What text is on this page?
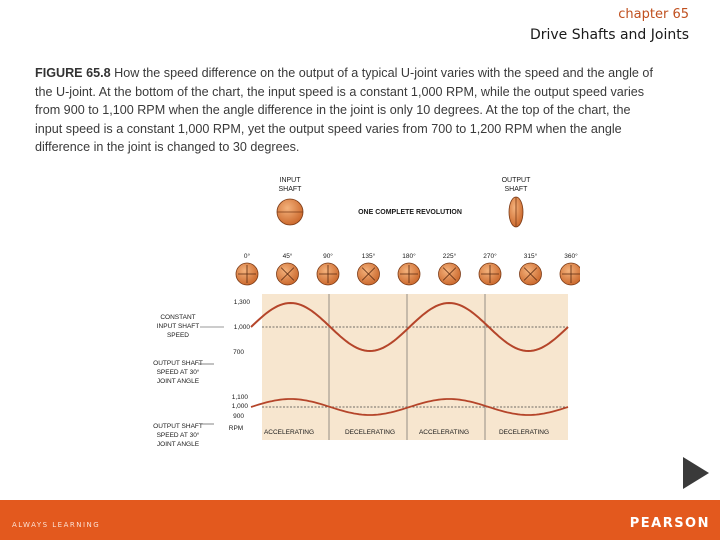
chapter 65
Drive Shafts and Joints
FIGURE 65.8 How the speed difference on the output of a typical U-joint varies with the speed and the angle of the U-joint. At the bottom of the chart, the input speed is a constant 1,000 RPM, while the output speed varies from 900 to 1,100 RPM when the angle difference in the joint is only 10 degrees. At the top of the chart, the input speed is a constant 1,000 RPM, yet the output speed varies from 700 to 1,200 RPM when the angle difference in the joint is changed to 30 degrees.
INPUT
SHAFT
OUTPUT
SHAFT
ONE COMPLETE REVOLUTION
0°	45°	90°	135°	180°	225°	270°	315°	360°
1,300
1,000
700
1,100
1,000
900
CONSTANT
INPUT SHAFT
SPEED
OUTPUT SHAFT
SPEED AT 30°
JOINT ANGLE
OUTPUT SHAFT
SPEED AT 30°
JOINT ANGLE
RPM
ACCELERATING	DECELERATING	ACCELERATING	DECELERATING
ALWAYS LEARNING	PEARSON
